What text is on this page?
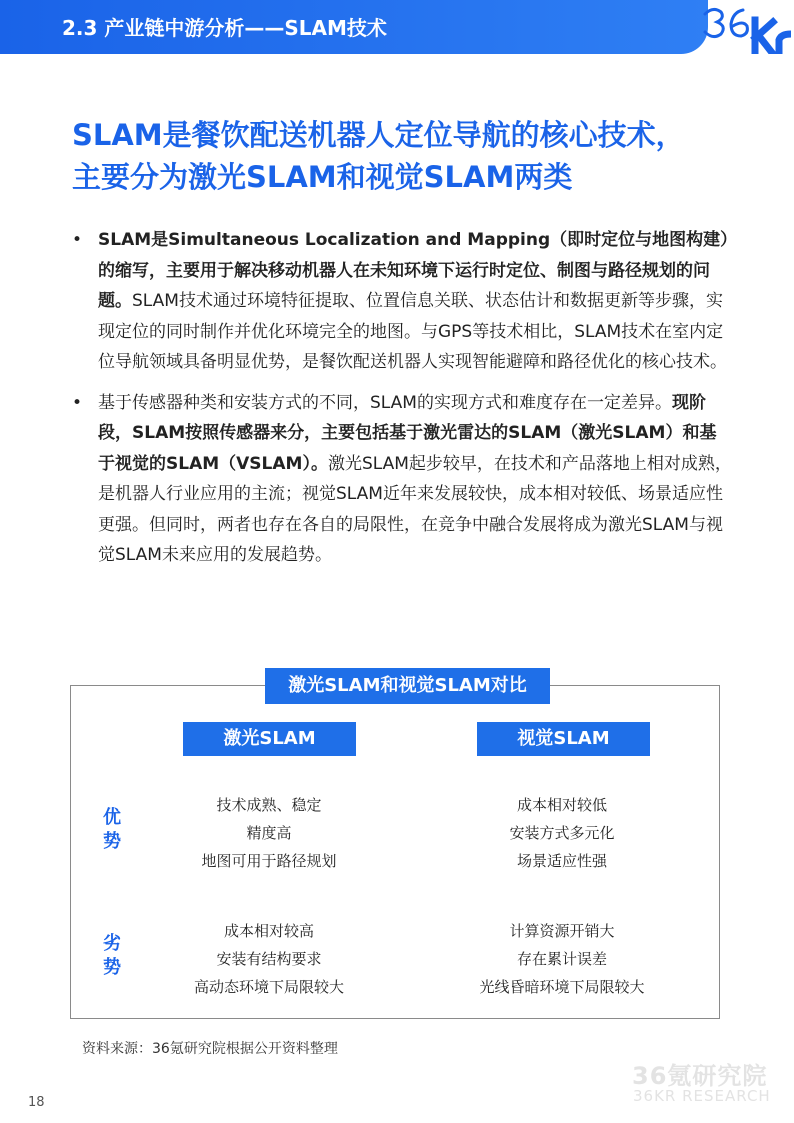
2.3 产业链中游分析——SLAM技术
SLAM是餐饮配送机器人定位导航的核心技术，
主要分为激光SLAM和视觉SLAM两类
• SLAM是Simultaneous Localization and Mapping（即时定位与地图构建）的缩写，主要用于解决移动机器人在未知环境下运行时定位、制图与路径规划的问题。SLAM技术通过环境特征提取、位置信息关联、状态估计和数据更新等步骤，实现定位的同时制作并优化环境完全的地图。与GPS等技术相比，SLAM技术在室内定位导航领域具备明显优势，是餐饮配送机器人实现智能避障和路径优化的核心技术。
• 基于传感器种类和安装方式的不同，SLAM的实现方式和难度存在一定差异。现阶段，SLAM按照传感器来分，主要包括基于激光雷达的SLAM（激光SLAM）和基于视觉的SLAM（VSLAM）。激光SLAM起步较早，在技术和产品落地上相对成熟，是机器人行业应用的主流；视觉SLAM近年来发展较快，成本相对较低、场景适应性更强。但同时，两者也存在各自的局限性，在竞争中融合发展将成为激光SLAM与视觉SLAM未来应用的发展趋势。
激光SLAM和视觉SLAM对比
激光SLAM	视觉SLAM
优势
劣势
技术成熟、稳定
精度高
地图可用于路径规划
成本相对较低
安装方式多元化
场景适应性强
成本相对较高
安装有结构要求
高动态环境下局限较大
计算资源开销大
存在累计误差
光线昏暗环境下局限较大
资料来源：36氪研究院根据公开资料整理
36氪研究院
36KR RESEARCH
18
